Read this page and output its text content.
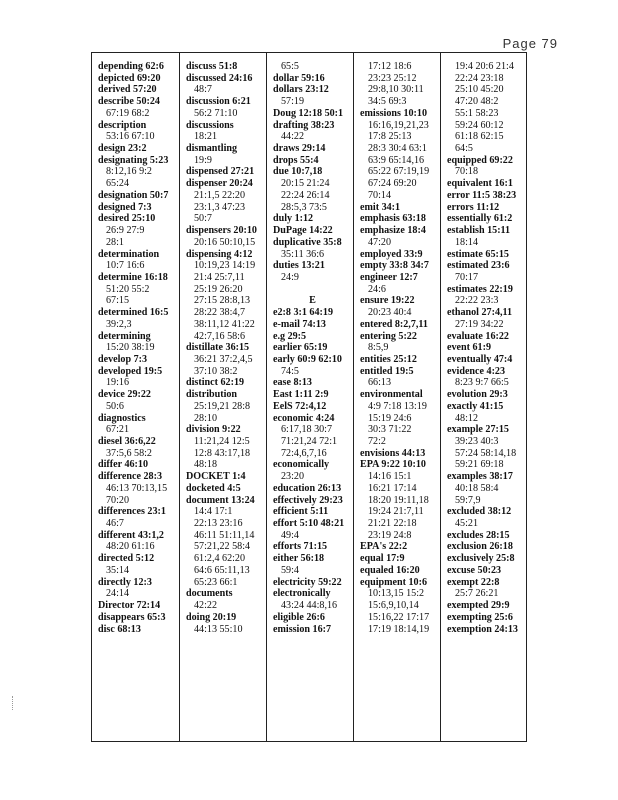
Page 79
depending 62:6
depicted 69:20
derived 57:20
describe 50:24
67:19 68:2
description
53:16 67:10
design 23:2
designating 5:23
8:12,16 9:2
65:24
designation 50:7
designed 7:3
desired 25:10
26:9 27:9
28:1
determination
10:7 16:6
determine 16:18
51:20 55:2
67:15
determined 16:5
39:2,3
determining
15:20 38:19
develop 7:3
developed 19:5
19:16
device 29:22
50:6
diagnostics
67:21
diesel 36:6,22
37:5,6 58:2
differ 46:10
difference 28:3
46:13 70:13,15
70:20
differences 23:1
46:7
different 43:1,2
48:20 61:16
directed 5:12
35:14
directly 12:3
24:14
Director 72:14
disappears 65:3
disc 68:13
discuss 51:8
discussed 24:16
48:7
discussion 6:21
56:2 71:10
discussions
18:21
dismantling
19:9
dispensed 27:21
dispenser 20:24
21:1,5 22:20
23:1,3 47:23
50:7
dispensers 20:10
20:16 50:10,15
dispensing 4:12
10:19,23 14:19
21:4 25:7,11
25:19 26:20
27:15 28:8,13
28:22 38:4,7
38:11,12 41:22
42:7,16 58:6
distillate 36:15
36:21 37:2,4,5
37:10 38:2
distinct 62:19
distribution
25:19,21 28:8
28:10
division 9:22
11:21,24 12:5
12:8 43:17,18
48:18
DOCKET 1:4
docketed 4:5
document 13:24
14:4 17:1
22:13 23:16
46:11 51:11,14
57:21,22 58:4
61:2,4 62:20
64:6 65:11,13
65:23 66:1
documents
42:22
doing 20:19
44:13 55:10
65:5
dollar 59:16
dollars 23:12
57:19
Doug 12:18 50:1
drafting 38:23
44:22
draws 29:14
drops 55:4
due 10:7,18
20:15 21:24
22:24 26:14
28:5,3 73:5
duly 1:12
DuPage 14:22
duplicative 35:8
35:11 36:6
duties 13:21
24:9
E
e2:8 3:1 64:19
e-mail 74:13
e.g 29:5
earlier 65:19
early 60:9 62:10
74:5
ease 8:13
East 1:11 2:9
EelS 72:4,12
economic 4:24
6:17,18 30:7
71:21,24 72:1
72:4,6,7,16
economically
23:20
education 26:13
effectively 29:23
efficient 5:11
effort 5:10 48:21
49:4
efforts 71:15
either 56:18
59:4
electricity 59:22
electronically
43:24 44:8,16
eligible 26:6
emission 16:7
17:12 18:6
23:23 25:12
29:8,10 30:11
34:5 69:3
emissions 10:10
16:16,19,21,23
17:8 25:13
28:3 30:4 63:1
63:9 65:14,16
65:22 67:19,19
67:24 69:20
70:14
emit 34:1
emphasis 63:18
emphasize 18:4
47:20
employed 33:9
empty 33:8 34:7
engineer 12:7
24:6
ensure 19:22
20:23 40:4
entered 8:2,7,11
entering 5:22
8:5,9
entities 25:12
entitled 19:5
66:13
environmental
4:9 7:18 13:19
15:19 24:6
30:3 71:22
72:2
envisions 44:13
EPA 9:22 10:10
14:16 15:1
16:21 17:14
18:20 19:11,18
19:24 21:7,11
21:21 22:18
23:19 24:8
EPA's 22:2
equal 17:9
equaled 16:20
equipment 10:6
10:13,15 15:2
15:6,9,10,14
15:16,22 17:17
17:19 18:14,19
19:4 20:6 21:4
22:24 23:18
25:10 45:20
47:20 48:2
55:1 58:23
59:24 60:12
61:18 62:15
64:5
equipped 69:22
70:18
equivalent 16:1
error 11:5 38:23
errors 11:12
essentially 61:2
establish 15:11
18:14
estimate 65:15
estimated 23:6
70:17
estimates 22:19
22:22 23:3
ethanol 27:4,11
27:19 34:22
evaluate 16:22
event 61:9
eventually 47:4
evidence 4:23
8:23 9:7 66:5
evolution 29:3
exactly 41:15
48:12
example 27:15
39:23 40:3
57:24 58:14,18
59:21 69:18
examples 38:17
40:18 58:4
59:7,9
excluded 38:12
45:21
excludes 28:15
exclusion 26:18
exclusively 25:8
excuse 50:23
exempt 22:8
25:7 26:21
exempted 29:9
exempting 25:6
exemption 24:13
